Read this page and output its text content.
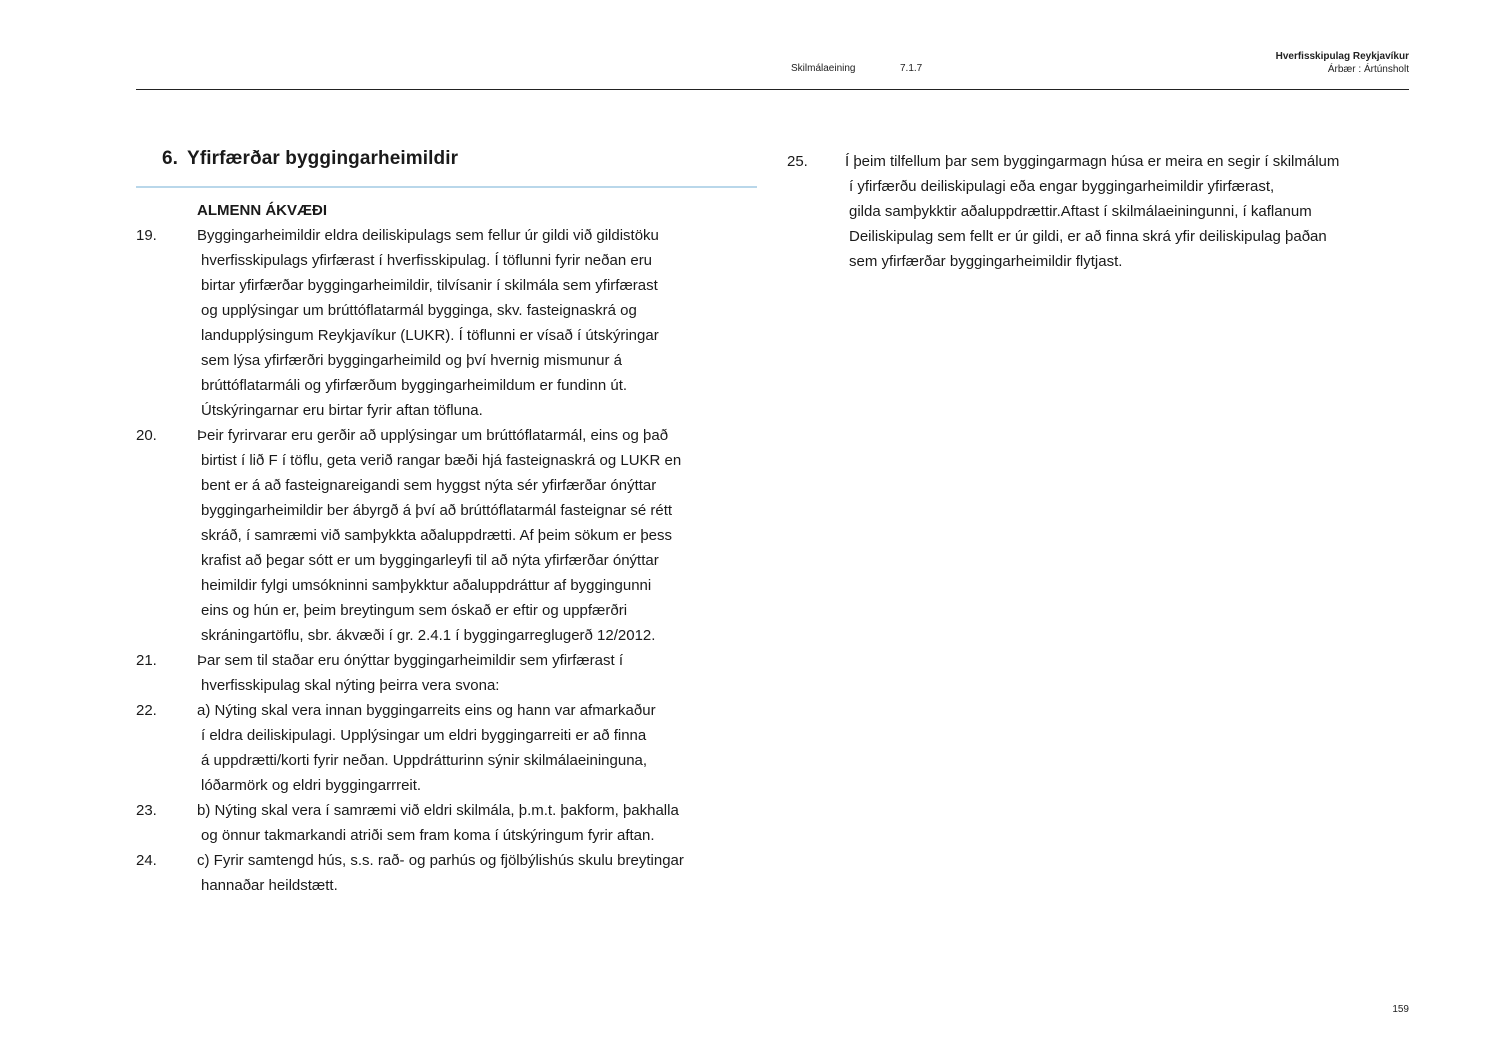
Skilmálaeining	7.1.7
Hverfisskipulag Reykjavíkur
Árbær : Ártúnsholt
6. Yfirfærðar byggingarheimildir
ALMENN ÁKVÆÐI
19.	Byggingarheimildir eldra deiliskipulags sem fellur úr gildi við gildistöku
hverfisskipulags yfirfærast í hverfisskipulag. Í töflunni fyrir neðan eru
birtar yfirfærðar byggingarheimildir, tilvísanir í skilmála sem yfirfærast
og upplýsingar um brúttóflatarmál bygginga, skv. fasteignaskrá og
landupplýsingum Reykjavíkur (LUKR). Í töflunni er vísað í útskýringar
sem lýsa yfirfærðri byggingarheimild og því hvernig mismunur á
brúttóflatarmáli og yfirfærðum byggingarheimildum er fundinn út.
Útskýringarnar eru birtar fyrir aftan töfluna.
20.	Þeir fyrirvarar eru gerðir að upplýsingar um brúttóflatarmál, eins og það
birtist í lið F í töflu, geta verið rangar bæði hjá fasteignaskrá og LUKR en
bent er á að fasteignareigandi sem hyggst nýta sér yfirfærðar ónýttar
byggingarheimildir ber ábyrgð á því að brúttóflatarmál fasteignar sé rétt
skráð, í samræmi við samþykkta aðaluppdrætti. Af þeim sökum er þess
krafist að þegar sótt er um byggingarleyfi til að nýta yfirfærðar ónýttar
heimildir fylgi umsókninni samþykktur aðaluppdráttur af byggingunni
eins og hún er, þeim breytingum sem óskað er eftir og uppfærðri
skráningartöflu, sbr. ákvæði í gr. 2.4.1 í byggingarreglugerð 12/2012.
21.	Þar sem til staðar eru ónýttar byggingarheimildir sem yfirfærast í
hverfisskipulag skal nýting þeirra vera svona:
22.	a) Nýting skal vera innan byggingarreits eins og hann var afmarkaður
í eldra deiliskipulagi. Upplýsingar um eldri byggingarreiti er að finna
á uppdrætti/korti fyrir neðan. Uppdrátturinn sýnir skilmálaeininguna,
lóðarmörk og eldri byggingarrreit.
23.	b) Nýting skal vera í samræmi við eldri skilmála, þ.m.t. þakform, þakhalla
og önnur takmarkandi atriði sem fram koma í útskýringum fyrir aftan.
24.	c) Fyrir samtengd hús, s.s. rað- og parhús og fjölbýlishús skulu breytingar
hannaðar heildstætt.
25.	Í þeim tilfellum þar sem byggingarmagn húsa er meira en segir í skilmálum
í yfirfærðu deiliskipulagi eða engar byggingarheimildir yfirfærast,
gilda samþykktir aðaluppdrættir.Aftast í skilmálaeiningunni, í kaflanum
Deiliskipulag sem fellt er úr gildi, er að finna skrá yfir deiliskipulag þaðan
sem yfirfærðar byggingarheimildir flytjast.
159
